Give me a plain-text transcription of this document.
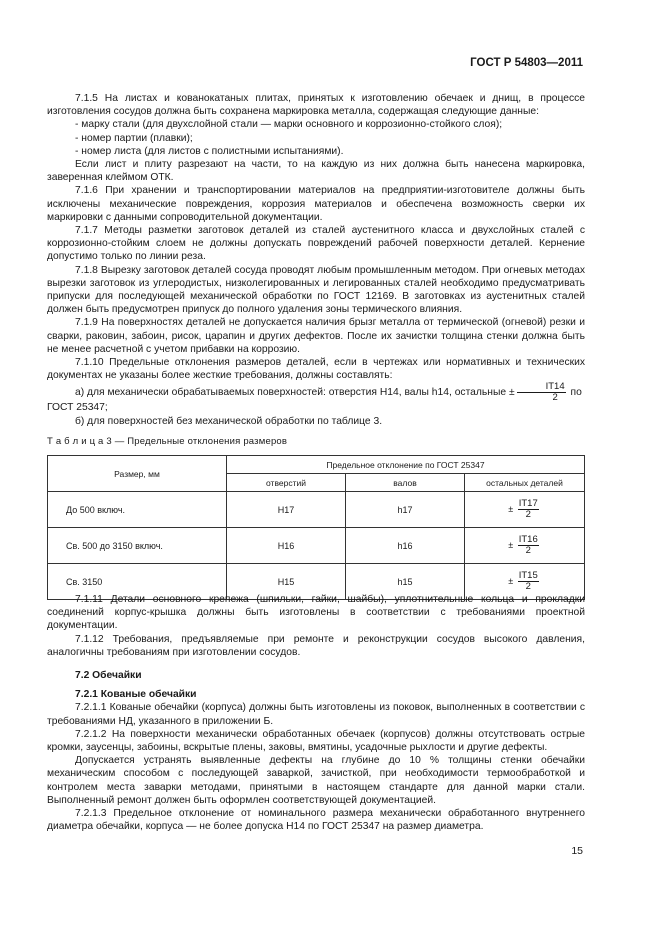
ГОСТ Р 54803—2011

7.1.5 На листах и кованокатаных плитах, принятых к изготовлению обечаек и днищ, в процессе изготовления сосудов должна быть сохранена маркировка металла, содержащая следующие данные:

- марку стали (для двухслойной стали — марки основного и коррозионно-стойкого слоя);

- номер партии (плавки);

- номер листа (для листов с полистными испытаниями).

Если лист и плиту разрезают на части, то на каждую из них должна быть нанесена маркировка, заверенная клеймом ОТК.

7.1.6 При хранении и транспортировании материалов на предприятии-изготовителе должны быть исключены механические повреждения, коррозия материалов и обеспечена возможность сверки их маркировки с данными сопроводительной документации.

7.1.7 Методы разметки заготовок деталей из сталей аустенитного класса и двухслойных сталей с коррозионно-стойким слоем не должны допускать повреждений рабочей поверхности деталей. Кернение допустимо только по линии реза.

7.1.8 Вырезку заготовок деталей сосуда проводят любым промышленным методом. При огневых методах вырезки заготовок из углеродистых, низколегированных и легированных сталей необходимо предусматривать припуски для последующей механической обработки по ГОСТ 12169. В заготовках из аустенитных сталей должен быть предусмотрен припуск до полного удаления зоны термического влияния.

7.1.9 На поверхностях деталей не допускается наличия брызг металла от термической (огневой) резки и сварки, раковин, забоин, рисок, царапин и других дефектов. После их зачистки толщина стенки должна быть не менее расчетной с учетом прибавки на коррозию.

7.1.10 Предельные отклонения размеров деталей, если в чертежах или нормативных и технических документах не указаны более жесткие требования, должны составлять:

а) для механически обрабатываемых поверхностей: отверстия Н14, валы h14, остальные ± $\frac{IT14}{2}$ по

ГОСТ 25347;

б) для поверхностей без механической обработки по таблице 3.

Т а б л и ц а 3 — Предельные отклонения размеров
Размер, мм	Предельное отклонение по ГОСТ 25347		
	отверстий	валов	остальных деталей
До 500 включ.	Н17	h17	± $\frac{IT17}{2}$

Св. 500 до 3150 включ.	Н16	h16	± $\frac{IT16}{2}$

Св. 3150	Н15	h15	± $\frac{IT15}{2}$

7.1.11 Детали основного крепежа (шпильки, гайки, шайбы), уплотнительные кольца и прокладки соединений корпус-крышка должны быть изготовлены в соответствии с требованиями проектной документации.

7.1.12 Требования, предъявляемые при ремонте и реконструкции сосудов высокого давления, аналогичны требованиям при изготовлении сосудов.

7.2 Обечайки

7.2.1 Кованые обечайки

7.2.1.1 Кованые обечайки (корпуса) должны быть изготовлены из поковок, выполненных в соответствии с требованиями НД, указанного в приложении Б.

7.2.1.2 На поверхности механически обработанных обечаек (корпусов) должны отсутствовать острые кромки, заусенцы, забоины, вскрытые плены, заковы, вмятины, усадочные рыхлости и другие дефекты.

Допускается устранять выявленные дефекты на глубине до 10 % толщины стенки обечайки механическим способом с последующей заваркой, зачисткой, при необходимости термообработкой и контролем места заварки методами, принятыми в настоящем стандарте для данной марки стали. Выполненный ремонт должен быть оформлен соответствующей документацией.

7.2.1.3 Предельное отклонение от номинального размера механически обработанного внутреннего диаметра обечайки, корпуса — не более допуска Н14 по ГОСТ 25347 на размер диаметра.

15
